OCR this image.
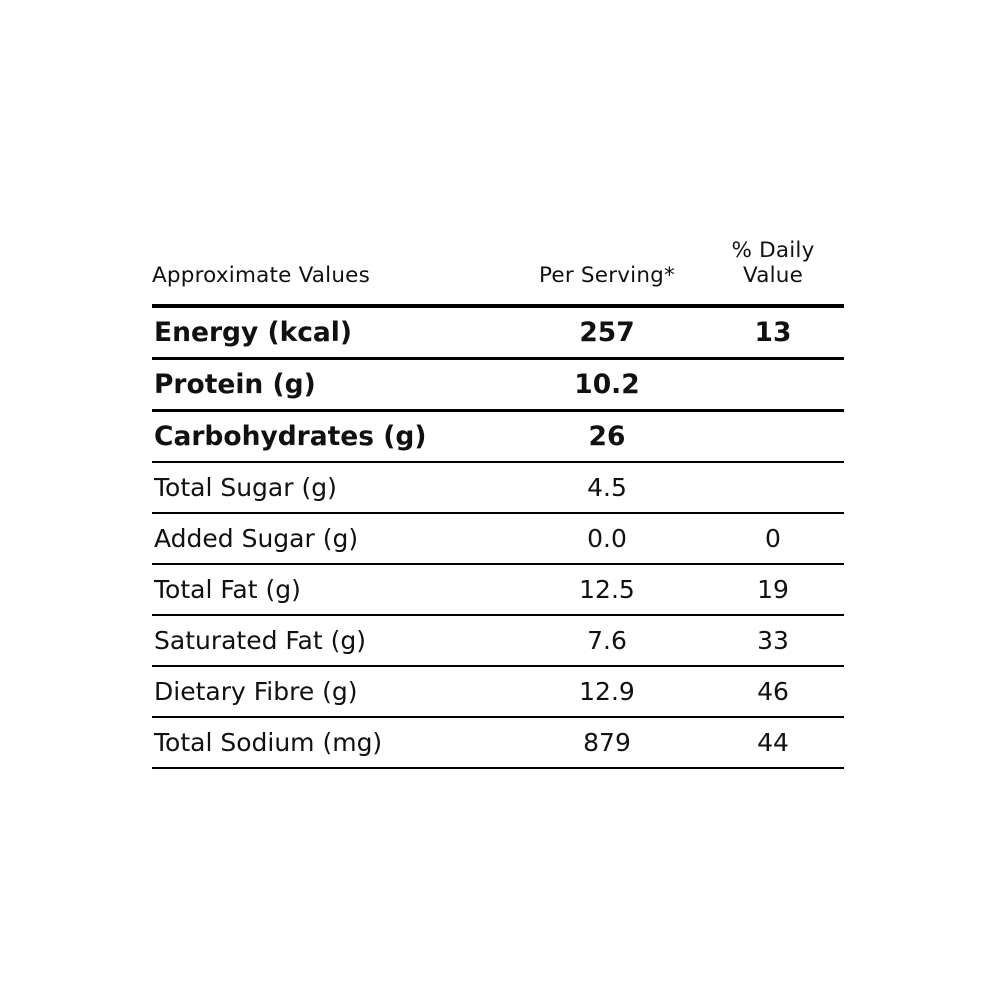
Approximate Values	Per Serving*	% Daily Value
Energy (kcal)	257	13
Protein (g)	10.2	
Carbohydrates (g)	26	
Total Sugar (g)	4.5	
Added Sugar (g)	0.0	0
Total Fat (g)	12.5	19
Saturated Fat (g)	7.6	33
Dietary Fibre (g)	12.9	46
Total Sodium (mg)	879	44
